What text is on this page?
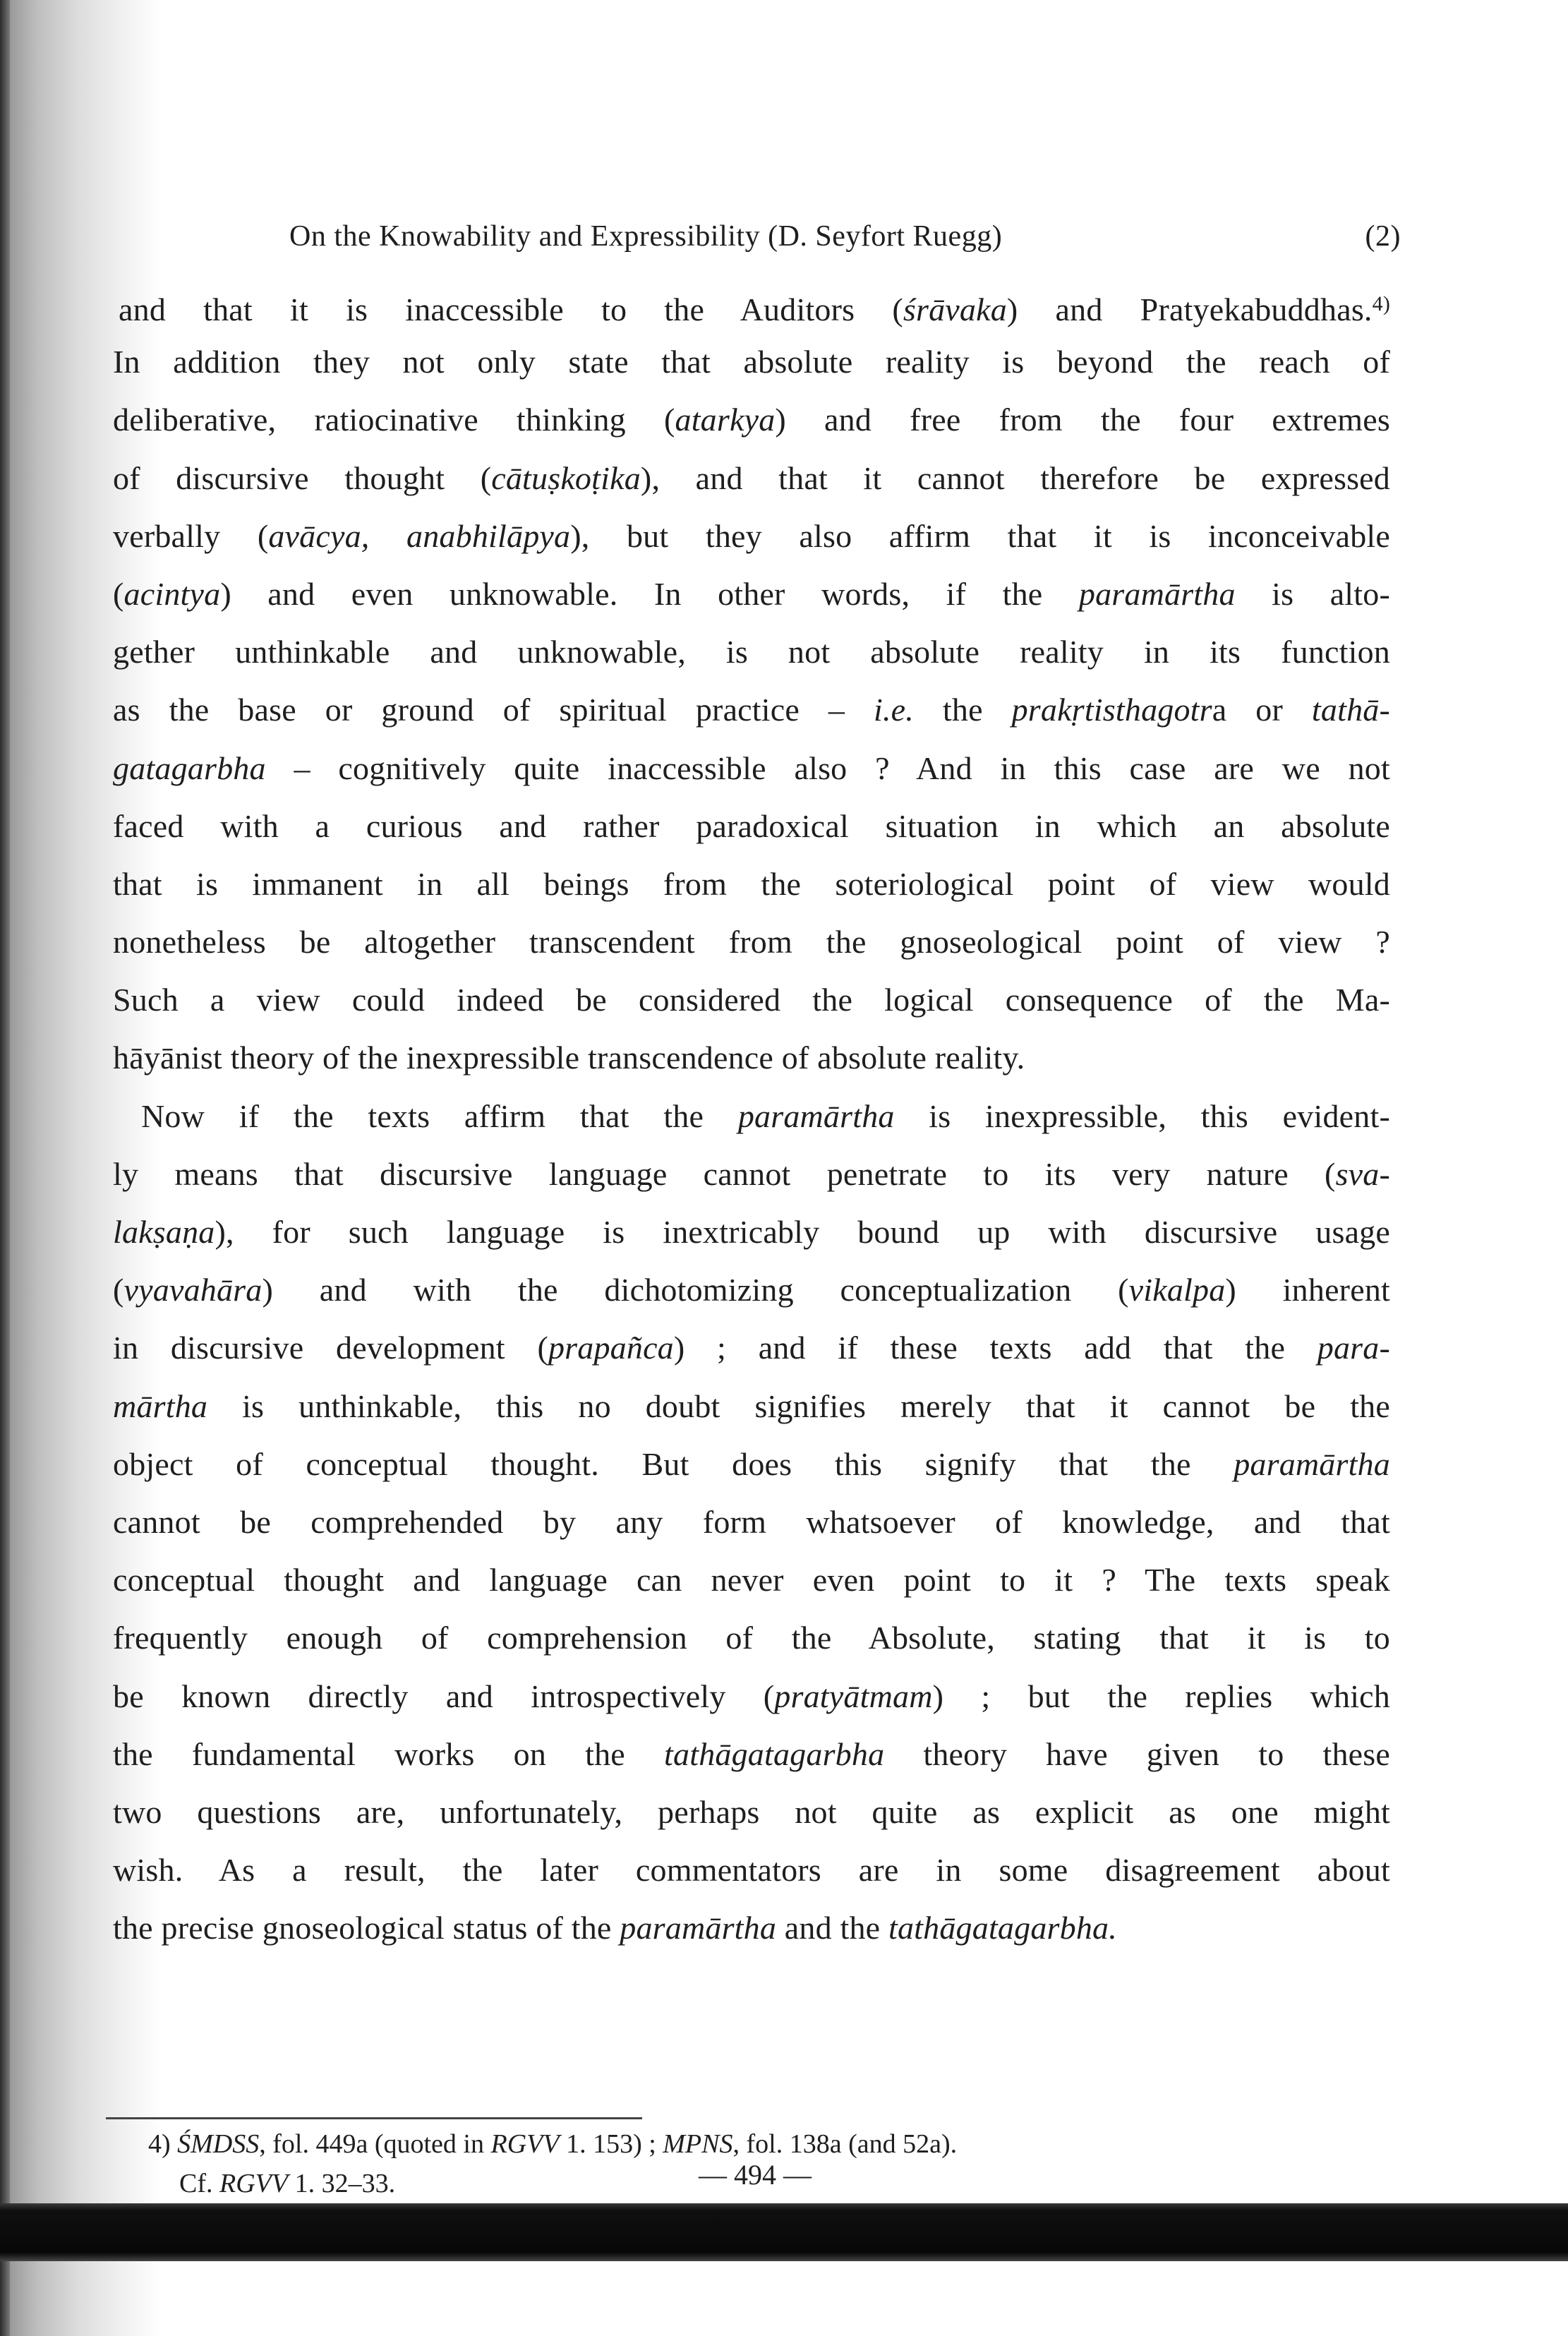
On the Knowability and Expressibility (D. Seyfort Ruegg)	(2)
and that it is inaccessible to the Auditors (śrāvaka) and Pratyekabuddhas.$^{4)}$
In addition they not only state that absolute reality is beyond the reach of
deliberative, ratiocinative thinking (atarkya) and free from the four extremes
of discursive thought (cātuṣkoṭika), and that it cannot therefore be expressed
verbally (avācya, anabhilāpya), but they also affirm that it is inconceivable
(acintya) and even unknowable. In other words, if the paramārtha is alto-
gether unthinkable and unknowable, is not absolute reality in its function
as the base or ground of spiritual practice – i.e. the prakṛtisthagotra or tathā-
gatagarbha – cognitively quite inaccessible also ? And in this case are we not
faced with a curious and rather paradoxical situation in which an absolute
that is immanent in all beings from the soteriological point of view would
nonetheless be altogether transcendent from the gnoseological point of view ?
Such a view could indeed be considered the logical consequence of the Ma-
hāyānist theory of the inexpressible transcendence of absolute reality.
Now if the texts affirm that the paramārtha is inexpressible, this evident-
ly means that discursive language cannot penetrate to its very nature (sva-
lakṣaṇa), for such language is inextricably bound up with discursive usage
(vyavahāra) and with the dichotomizing conceptualization (vikalpa) inherent
in discursive development (prapañca) ; and if these texts add that the para-
mārtha is unthinkable, this no doubt signifies merely that it cannot be the
object of conceptual thought. But does this signify that the paramārtha
cannot be comprehended by any form whatsoever of knowledge, and that
conceptual thought and language can never even point to it ? The texts speak
frequently enough of comprehension of the Absolute, stating that it is to
be known directly and introspectively (pratyātmam) ; but the replies which
the fundamental works on the tathāgatagarbha theory have given to these
two questions are, unfortunately, perhaps not quite as explicit as one might
wish. As a result, the later commentators are in some disagreement about
the precise gnoseological status of the paramārtha and the tathāgatagarbha.
4) ŚMDSS, fol. 449a (quoted in RGVV 1. 153) ; MPNS, fol. 138a (and 52a).
Cf. RGVV 1. 32–33.	— 494 —
